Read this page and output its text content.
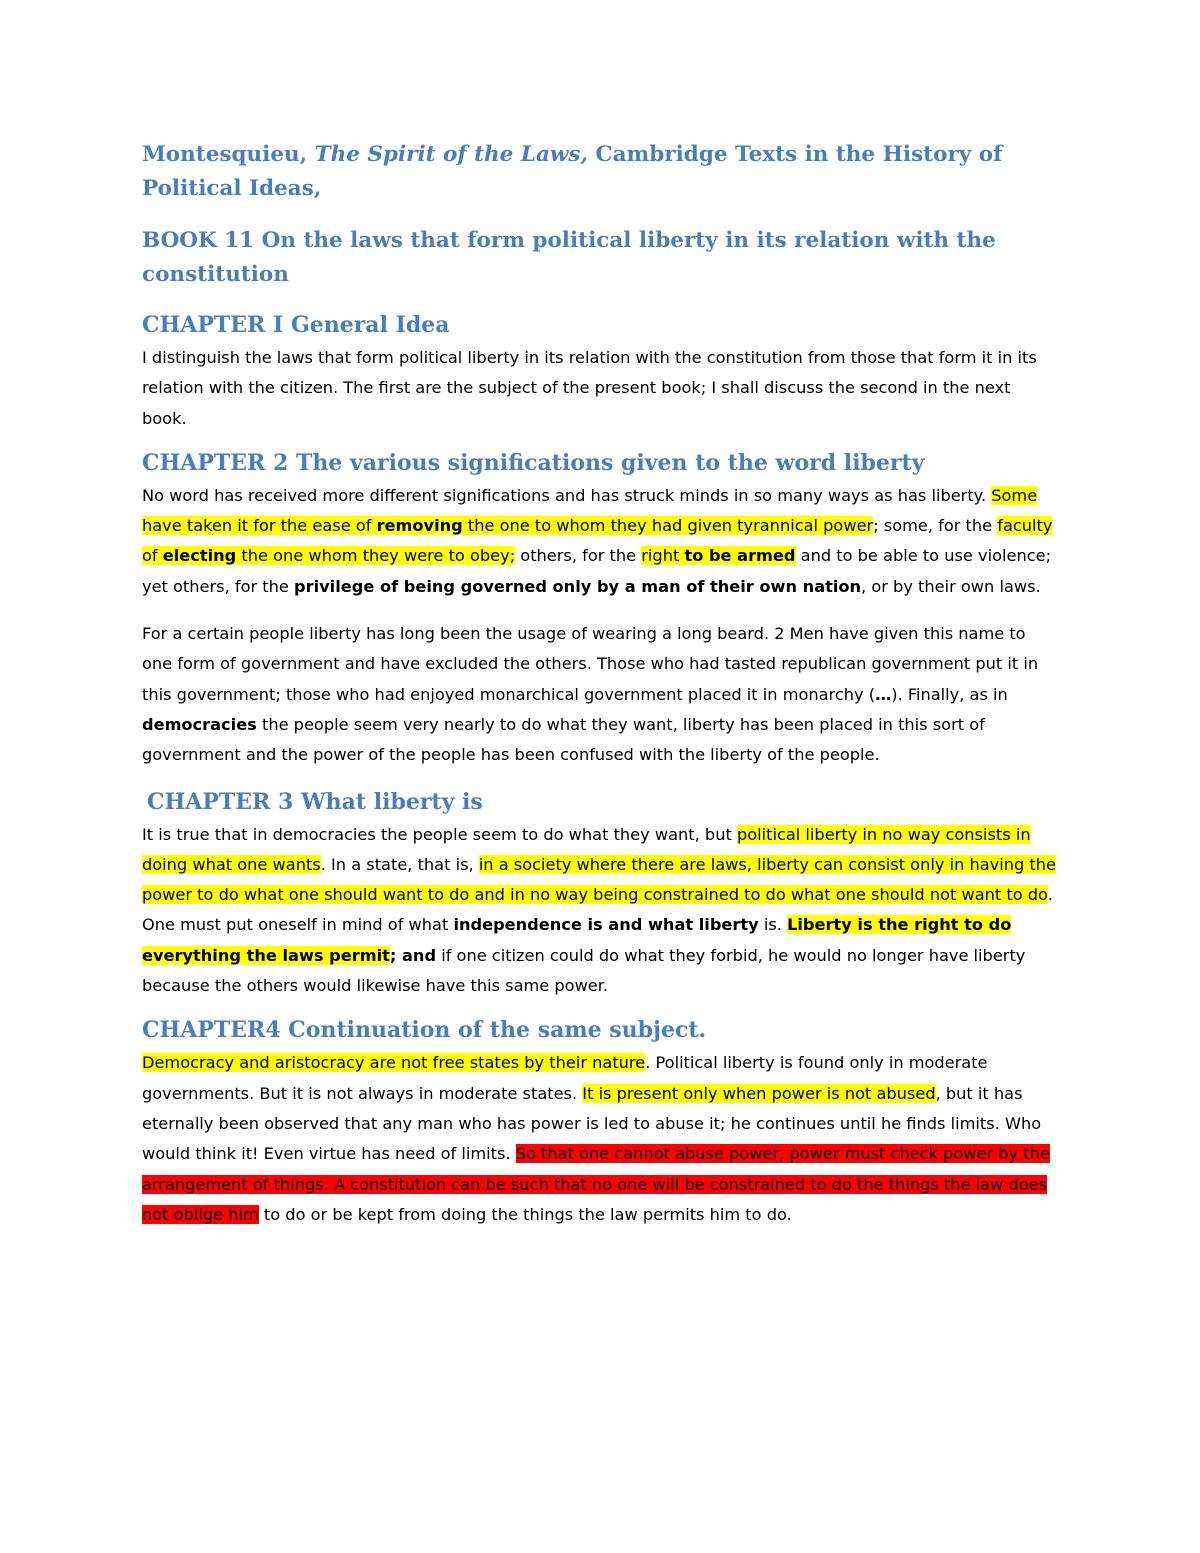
Montesquieu, The Spirit of the Laws, Cambridge Texts in the History of Political Ideas,
BOOK 11 On the laws that form political liberty in its relation with the constitution
CHAPTER I General Idea

I distinguish the laws that form political liberty in its relation with the constitution from those that form it in its relation with the citizen. The first are the subject of the present book; I shall discuss the second in the next book.

CHAPTER 2 The various significations given to the word liberty

No word has received more different significations and has struck minds in so many ways as has liberty. Some have taken it for the ease of removing the one to whom they had given tyrannical power; some, for the faculty of electing the one whom they were to obey; others, for the right to be armed and to be able to use violence; yet others, for the privilege of being governed only by a man of their own nation, or by their own laws.

For a certain people liberty has long been the usage of wearing a long beard. 2 Men have given this name to one form of government and have excluded the others. Those who had tasted republican government put it in this government; those who had enjoyed monarchical government placed it in monarchy (…). Finally, as in democracies the people seem very nearly to do what they want, liberty has been placed in this sort of government and the power of the people has been confused with the liberty of the people.

CHAPTER 3 What liberty is

It is true that in democracies the people seem to do what they want, but political liberty in no way consists in doing what one wants. In a state, that is, in a society where there are laws, liberty can consist only in having the power to do what one should want to do and in no way being constrained to do what one should not want to do. One must put oneself in mind of what independence is and what liberty is. Liberty is the right to do everything the laws permit; and if one citizen could do what they forbid, he would no longer have liberty because the others would likewise have this same power.

CHAPTER4 Continuation of the same subject.

Democracy and aristocracy are not free states by their nature. Political liberty is found only in moderate governments. But it is not always in moderate states. It is present only when power is not abused, but it has eternally been observed that any man who has power is led to abuse it; he continues until he finds limits. Who would think it! Even virtue has need of limits. So that one cannot abuse power, power must check power by the arrangement of things. A constitution can be such that no one will be constrained to do the things the law does not oblige him to do or be kept from doing the things the law permits him to do.
